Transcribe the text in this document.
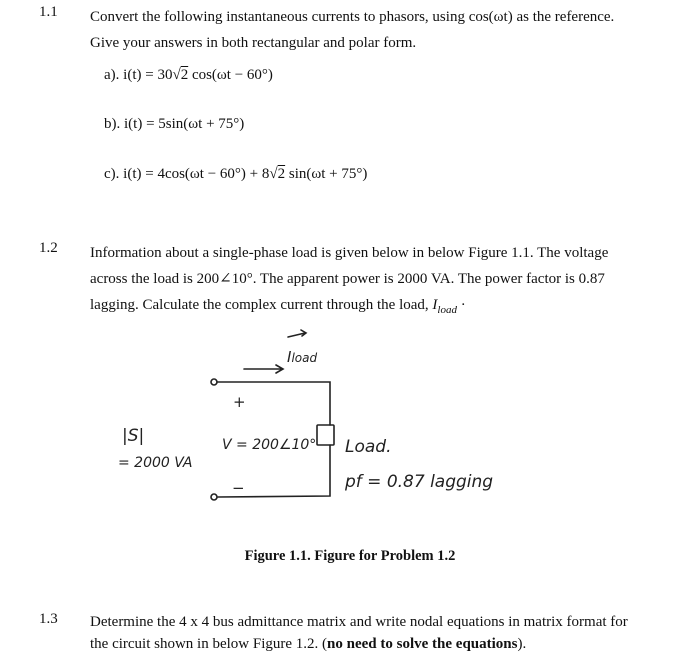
1.1 Convert the following instantaneous currents to phasors, using cos(ωt) as the reference.
Give your answers in both rectangular and polar form.
a). i(t) = 30√2 cos(ωt − 60°)
b). i(t) = 5sin(ωt + 75°)
c). i(t) = 4cos(ωt − 60°) + 8√2 sin(ωt + 75°)
1.2 Information about a single-phase load is given below in below Figure 1.1. The voltage
across the load is 200∠10°. The apparent power is 2000 VA. The power factor is 0.87
lagging. Calculate the complex current through the load, $I_{load}$ ·
Iload
+
−
|S|
= 2000 VA
V = 200∠10° Load.
pf = 0.87 lagging
Figure 1.1. Figure for Problem 1.2
1.3 Determine the 4 x 4 bus admittance matrix and write nodal equations in matrix format for
the circuit shown in below Figure 1.2. (no need to solve the equations).
